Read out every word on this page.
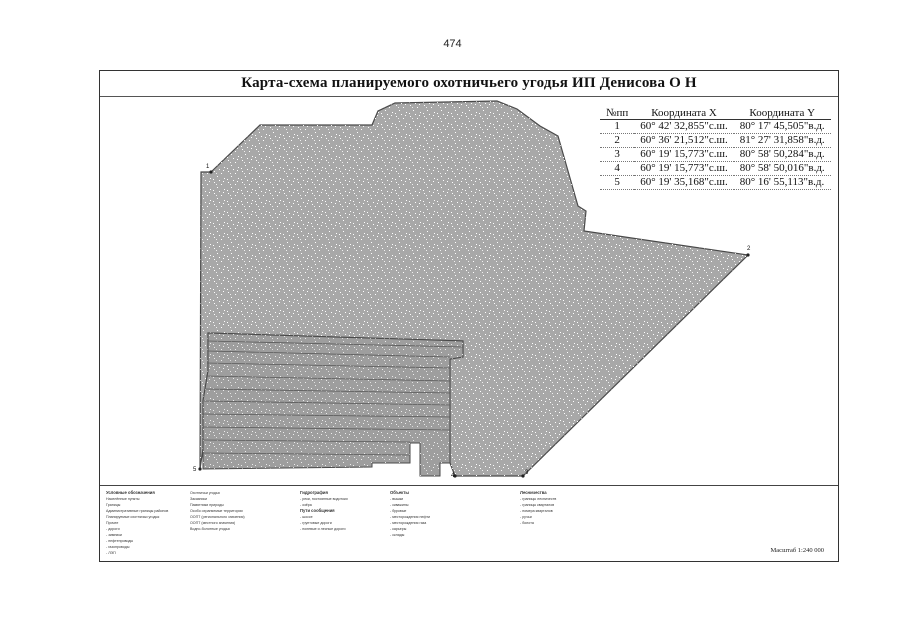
474
Карта-схема планируемого охотничьего угодья ИП Денисова О Н
1
2
3
4
5
№пп	Координата X	Координата Y
1	60° 42' 32,855"с.ш.	80° 17' 45,505"в.д.
2	60° 36' 21,512"с.ш.	81° 27' 31,858"в.д.
3	60° 19' 15,773"с.ш.	80° 58' 50,284"в.д.
4	60° 19' 15,773"с.ш.	80° 58' 50,016"в.д.
5	60° 19' 35,168"с.ш.	80° 16' 55,113"в.д.
Условные обозначения
Населённые пункты
Границы
Административные границы районов
Планируемые охотничьи угодья
Прочее
- дороги
- зимники
- нефтепроводы
- газопроводы
- ЛЭП
Охотничьи угодья
Заказники
Памятники природы
Особо охраняемые территории
ООПТ (регионального значения)
ООПТ (местного значения)
Водно-болотные угодья
Гидрография
- реки, постоянные водотоки
- озёра
Пути сообщения
- шоссе
- грунтовые дороги
- полевые и лесные дороги
Объекты
- вышки
- скважины
- буровые
- месторождения нефти
- месторождения газа
- карьеры
- склады
Лесничества
- границы лесничеств
- границы кварталов
- номера кварталов
- ручьи
- болота
Масштаб 1:240 000
